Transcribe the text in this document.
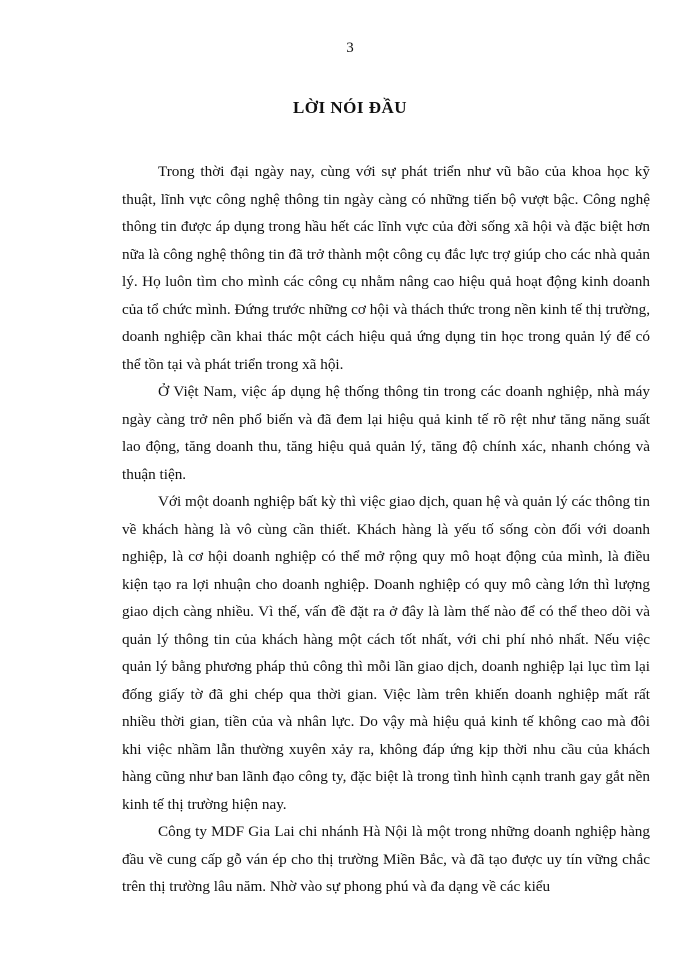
3
LỜI NÓI ĐẦU

Trong thời đại ngày nay, cùng với sự phát triển như vũ bão của khoa học kỹ thuật, lĩnh vực công nghệ thông tin ngày càng có những tiến bộ vượt bậc. Công nghệ thông tin được áp dụng trong hầu hết các lĩnh vực của đời sống xã hội và đặc biệt hơn nữa là công nghệ thông tin đã trở thành một công cụ đắc lực trợ giúp cho các nhà quản lý. Họ luôn tìm cho mình các công cụ nhằm nâng cao hiệu quả hoạt động kinh doanh của tổ chức mình. Đứng trước những cơ hội và thách thức trong nền kinh tế thị trường, doanh nghiệp cần khai thác một cách hiệu quả ứng dụng tin học trong quản lý để có thể tồn tại và phát triển trong xã hội.

Ở Việt Nam, việc áp dụng hệ thống thông tin trong các doanh nghiệp, nhà máy ngày càng trở nên phổ biến và đã đem lại hiệu quả kinh tế rõ rệt như tăng năng suất lao động, tăng doanh thu, tăng hiệu quả quản lý, tăng độ chính xác, nhanh chóng và thuận tiện.

Với một doanh nghiệp bất kỳ thì việc giao dịch, quan hệ và quản lý các thông tin về khách hàng là vô cùng cần thiết. Khách hàng là yếu tố sống còn đối với doanh nghiệp, là cơ hội doanh nghiệp có thể mở rộng quy mô hoạt động của mình, là điều kiện tạo ra lợi nhuận cho doanh nghiệp. Doanh nghiệp có quy mô càng lớn thì lượng giao dịch càng nhiều. Vì thế, vấn đề đặt ra ở đây là làm thế nào để có thể theo dõi và quản lý thông tin của khách hàng một cách tốt nhất, với chi phí nhỏ nhất. Nếu việc quản lý bằng phương pháp thủ công thì mỗi lần giao dịch, doanh nghiệp lại lục tìm lại đống giấy tờ đã ghi chép qua thời gian. Việc làm trên khiến doanh nghiệp mất rất nhiều thời gian, tiền của và nhân lực. Do vậy mà hiệu quả kinh tế không cao mà đôi khi việc nhầm lẫn thường xuyên xảy ra, không đáp ứng kịp thời nhu cầu của khách hàng cũng như ban lãnh đạo công ty, đặc biệt là trong tình hình cạnh tranh gay gắt nền kinh tế thị trường hiện nay.

Công ty MDF Gia Lai chi nhánh Hà Nội là một trong những doanh nghiệp hàng đầu về cung cấp gỗ ván ép cho thị trường Miền Bắc, và đã tạo được uy tín vững chắc trên thị trường lâu năm. Nhờ vào sự phong phú và đa dạng về các kiểu
